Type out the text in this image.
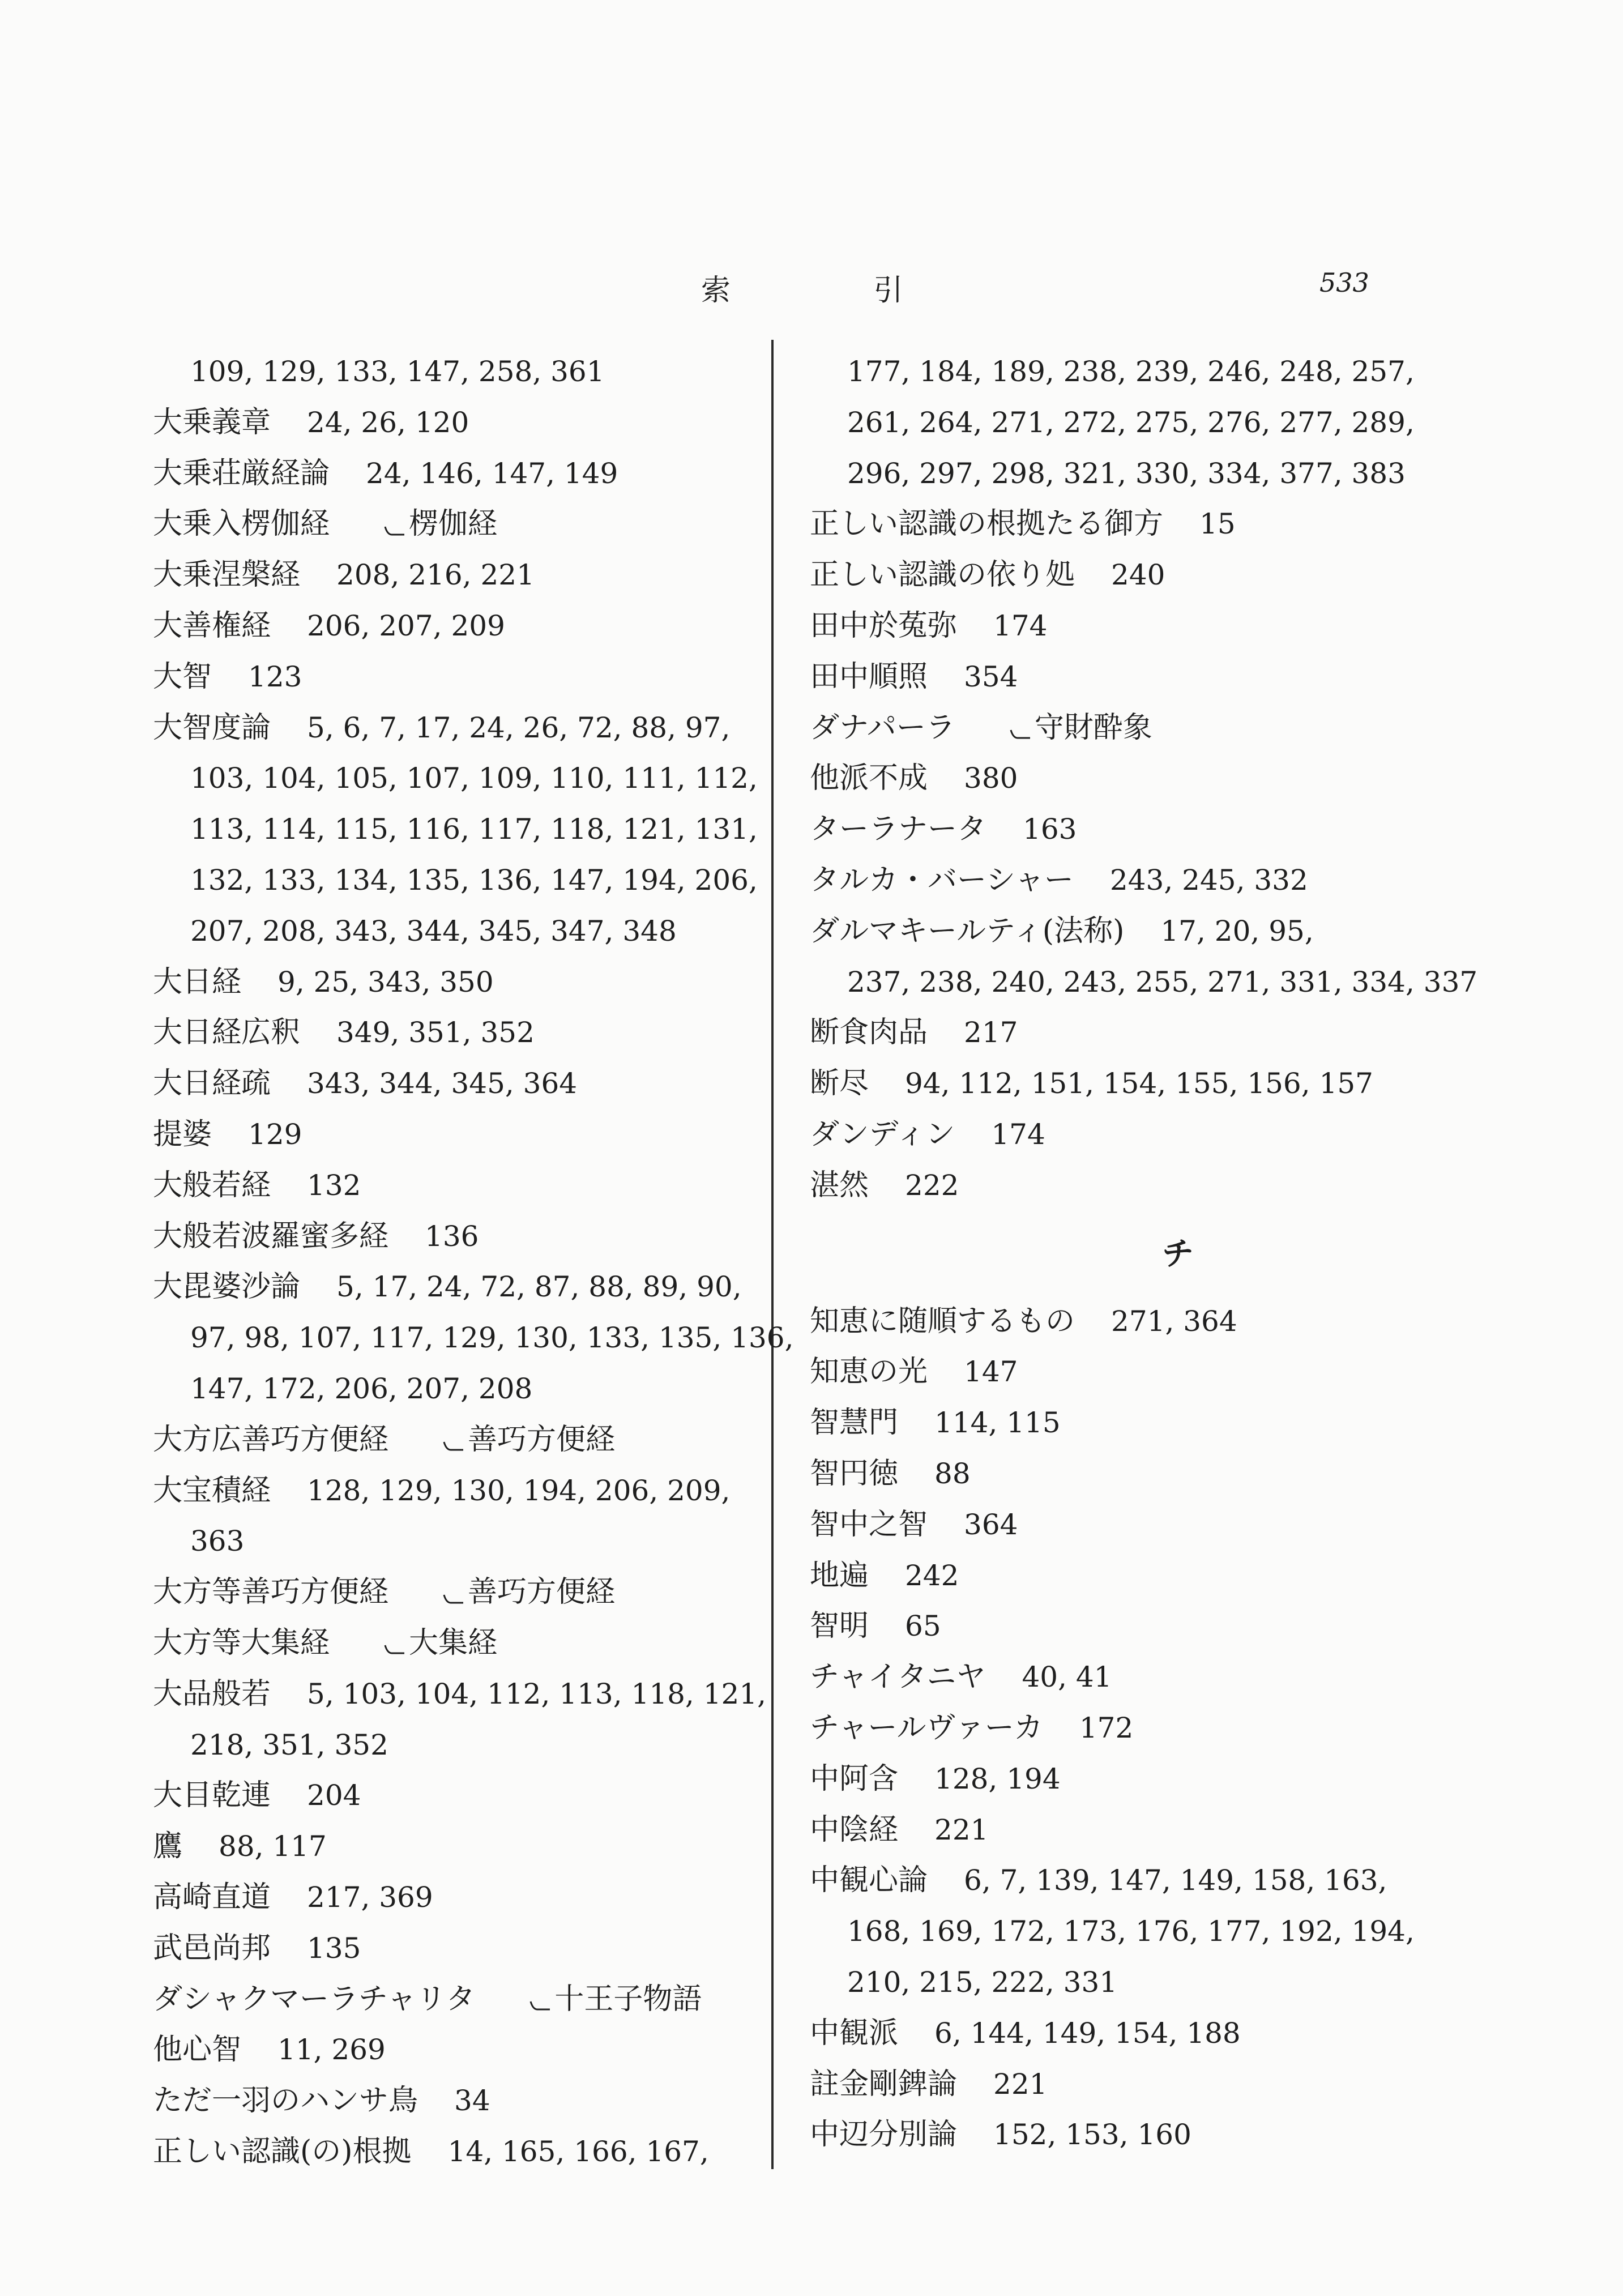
索 引	533
109, 129, 133, 147, 258, 361
大乗義章 24, 26, 120
大乗荘厳経論 24, 146, 147, 149
大乗入楞伽経	楞伽経
大乗涅槃経 208, 216, 221
大善権経 206, 207, 209
大智 123
大智度論 5, 6, 7, 17, 24, 26, 72, 88, 97,
103, 104, 105, 107, 109, 110, 111, 112,
113, 114, 115, 116, 117, 118, 121, 131,
132, 133, 134, 135, 136, 147, 194, 206,
207, 208, 343, 344, 345, 347, 348
大日経 9, 25, 343, 350
大日経広釈 349, 351, 352
大日経疏 343, 344, 345, 364
提婆 129
大般若経 132
大般若波羅蜜多経 136
大毘婆沙論 5, 17, 24, 72, 87, 88, 89, 90,
97, 98, 107, 117, 129, 130, 133, 135, 136,
147, 172, 206, 207, 208
大方広善巧方便経	善巧方便経
大宝積経 128, 129, 130, 194, 206, 209,
363
大方等善巧方便経	善巧方便経
大方等大集経	大集経
大品般若 5, 103, 104, 112, 113, 118, 121,
218, 351, 352
大目乾連 204
鷹 88, 117
高崎直道 217, 369
武邑尚邦 135
ダシャクマーラチャリタ	十王子物語
他心智 11, 269
ただ一羽のハンサ鳥 34
正しい認識(の)根拠 14, 165, 166, 167,
177, 184, 189, 238, 239, 246, 248, 257,
261, 264, 271, 272, 275, 276, 277, 289,
296, 297, 298, 321, 330, 334, 377, 383
正しい認識の根拠たる御方 15
正しい認識の依り処 240
田中於菟弥 174
田中順照 354
ダナパーラ	守財酔象
他派不成 380
ターラナータ 163
タルカ・バーシャー 243, 245, 332
ダルマキールティ(法称) 17, 20, 95,
237, 238, 240, 243, 255, 271, 331, 334, 337
断食肉品 217
断尽 94, 112, 151, 154, 155, 156, 157
ダンディン 174
湛然 222
チ
知恵に随順するもの 271, 364
知恵の光 147
智慧門 114, 115
智円徳 88
智中之智 364
地遍 242
智明 65
チャイタニヤ 40, 41
チャールヴァーカ 172
中阿含 128, 194
中陰経 221
中観心論 6, 7, 139, 147, 149, 158, 163,
168, 169, 172, 173, 176, 177, 192, 194,
210, 215, 222, 331
中観派 6, 144, 149, 154, 188
註金剛錍論 221
中辺分別論 152, 153, 160
